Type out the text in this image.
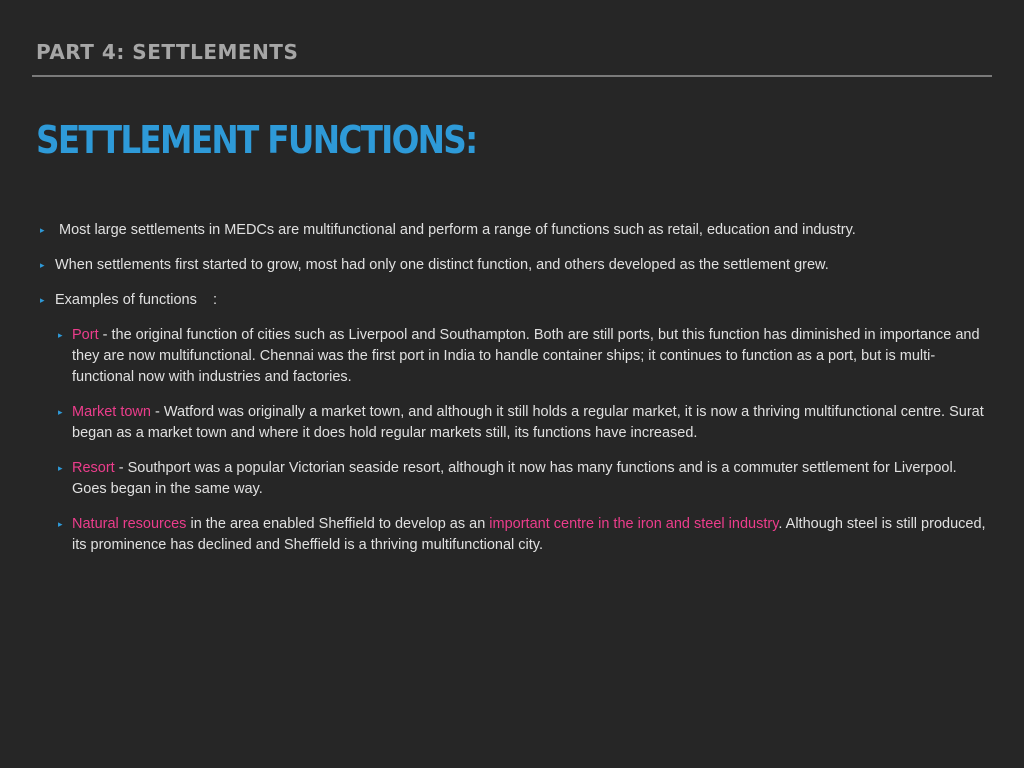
PART 4: SETTLEMENTS
SETTLEMENT FUNCTIONS:
▸ Most large settlements in MEDCs are multifunctional and perform a range of functions such as retail, education and industry.
▸ When settlements first started to grow, most had only one distinct function, and others developed as the settlement grew.
▸ Examples of functions    :
▸ Port - the original function of cities such as Liverpool and Southampton. Both are still ports, but this function has diminished in importance and they are now multifunctional. Chennai was the first port in India to handle container ships; it continues to function as a port, but is multi-functional now with industries and factories.
▸ Market town - Watford was originally a market town, and although it still holds a regular market, it is now a thriving multifunctional centre. Surat began as a market town and where it does hold regular markets still, its functions have increased.
▸ Resort - Southport was a popular Victorian seaside resort, although it now has many functions and is a commuter settlement for Liverpool. Goes began in the same way.
▸ Natural resources in the area enabled Sheffield to develop as an important centre in the iron and steel industry. Although steel is still produced, its prominence has declined and Sheffield is a thriving multifunctional city.
